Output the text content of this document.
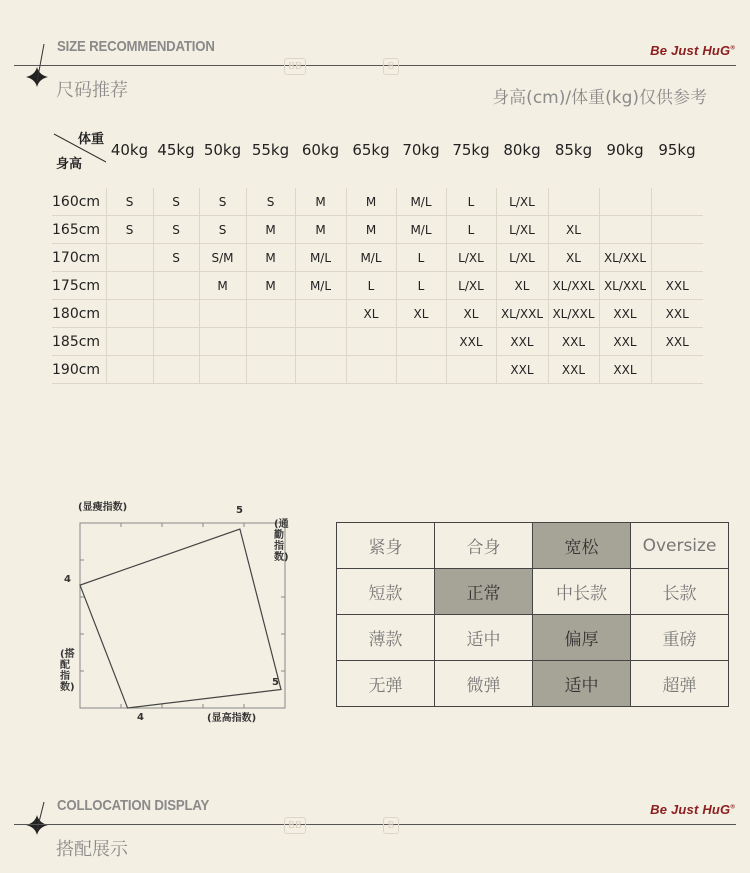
SIZE RECOMMENDATION	Be Just HuG®
BB	B
尺码推荐	身高(cm)/体重(kg)仅供参考
体重
身高	40kg	45kg	50kg	55kg	60kg	65kg	70kg	75kg	80kg	85kg	90kg	95kg

160cm	S	S	S	S	M	M	M/L	L	L/XL			
165cm	S	S	S	M	M	M	M/L	L	L/XL	XL		
170cm		S	S/M	M	M/L	M/L	L	L/XL	L/XL	XL	XL/XXL	
175cm			M	M	M/L	L	L	L/XL	XL	XL/XXL	XL/XXL	XXL
180cm						XL	XL	XL	XL/XXL	XL/XXL	XXL	XXL
185cm								XXL	XXL	XXL	XXL	XXL
190cm									XXL	XXL	XXL	
(显瘦指数)
(显高指数)
(通勤指数)
(搭配指数)
5
5
4
4
紧身	合身	宽松	Oversize
短款	正常	中长款	长款
薄款	适中	偏厚	重磅
无弹	微弹	适中	超弹
COLLOCATION DISPLAY	Be Just HuG®
BB	B
搭配展示
